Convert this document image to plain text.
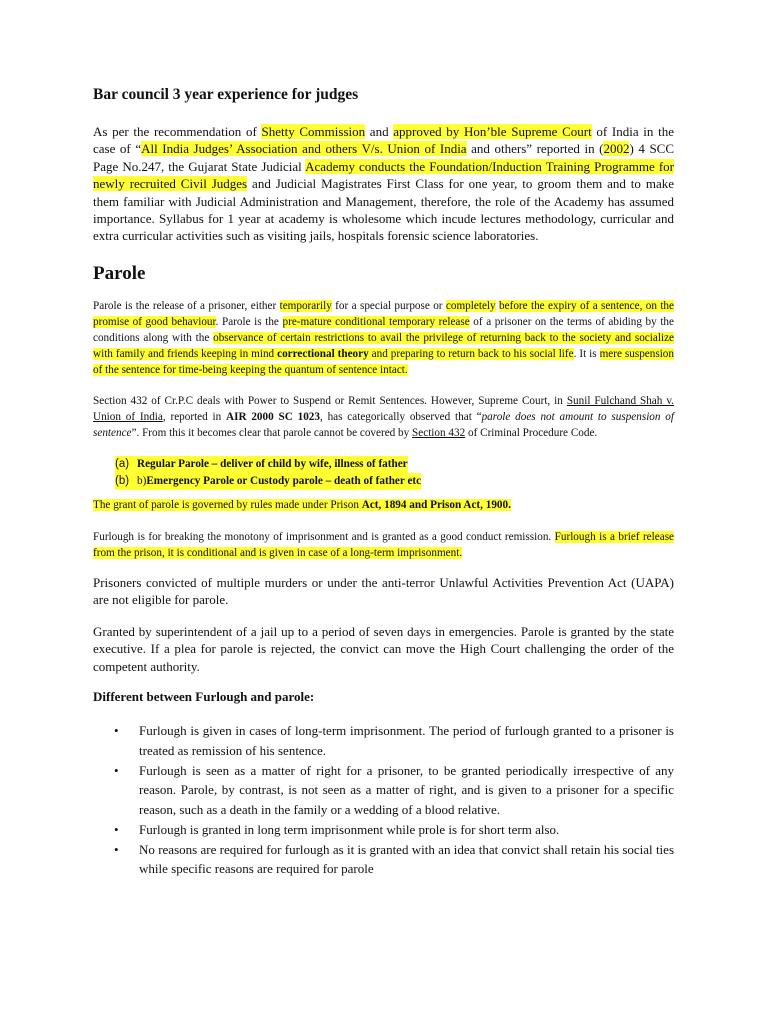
Bar council 3 year experience for judges

As per the recommendation of Shetty Commission and approved by Hon’ble Supreme Court of India in the case of “All India Judges’ Association and others V/s. Union of India and others” reported in (2002) 4 SCC Page No.247, the Gujarat State Judicial Academy conducts the Foundation/Induction Training Programme for newly recruited Civil Judges and Judicial Magistrates First Class for one year, to groom them and to make them familiar with Judicial Administration and Management, therefore, the role of the Academy has assumed importance. Syllabus for 1 year at academy is wholesome which incude lectures methodology, curricular and extra curricular activities such as visiting jails, hospitals forensic science laboratories.

Parole

Parole is the release of a prisoner, either temporarily for a special purpose or completely before the expiry of a sentence, on the promise of good behaviour. Parole is the pre-mature conditional temporary release of a prisoner on the terms of abiding by the conditions along with the observance of certain restrictions to avail the privilege of returning back to the society and socialize with family and friends keeping in mind correctional theory and preparing to return back to his social life. It is mere suspension of the sentence for time-being keeping the quantum of sentence intact.

Section 432 of Cr.P.C deals with Power to Suspend or Remit Sentences. However, Supreme Court, in Sunil Fulchand Shah v. Union of India, reported in AIR 2000 SC 1023, has categorically observed that “parole does not amount to suspension of sentence”. From this it becomes clear that parole cannot be covered by Section 432 of Criminal Procedure Code.

(a) Regular Parole – deliver of child by wife, illness of father
(b) b) Emergency Parole or Custody parole – death of father etc

The grant of parole is governed by rules made under Prison Act, 1894 and Prison Act, 1900.

Furlough is for breaking the monotony of imprisonment and is granted as a good conduct remission. Furlough is a brief release from the prison, it is conditional and is given in case of a long-term imprisonment.

Prisoners convicted of multiple murders or under the anti-terror Unlawful Activities Prevention Act (UAPA) are not eligible for parole.

Granted by superintendent of a jail up to a period of seven days in emergencies. Parole is granted by the state executive. If a plea for parole is rejected, the convict can move the High Court challenging the order of the competent authority.

Different between Furlough and parole:

•	Furlough is given in cases of long-term imprisonment. The period of furlough granted to a prisoner is treated as remission of his sentence.
•	Furlough is seen as a matter of right for a prisoner, to be granted periodically irrespective of any reason. Parole, by contrast, is not seen as a matter of right, and is given to a prisoner for a specific reason, such as a death in the family or a wedding of a blood relative.
•	Furlough is granted in long term imprisonment while prole is for short term also.
•	No reasons are required for furlough as it is granted with an idea that convict shall retain his social ties while specific reasons are required for parole
